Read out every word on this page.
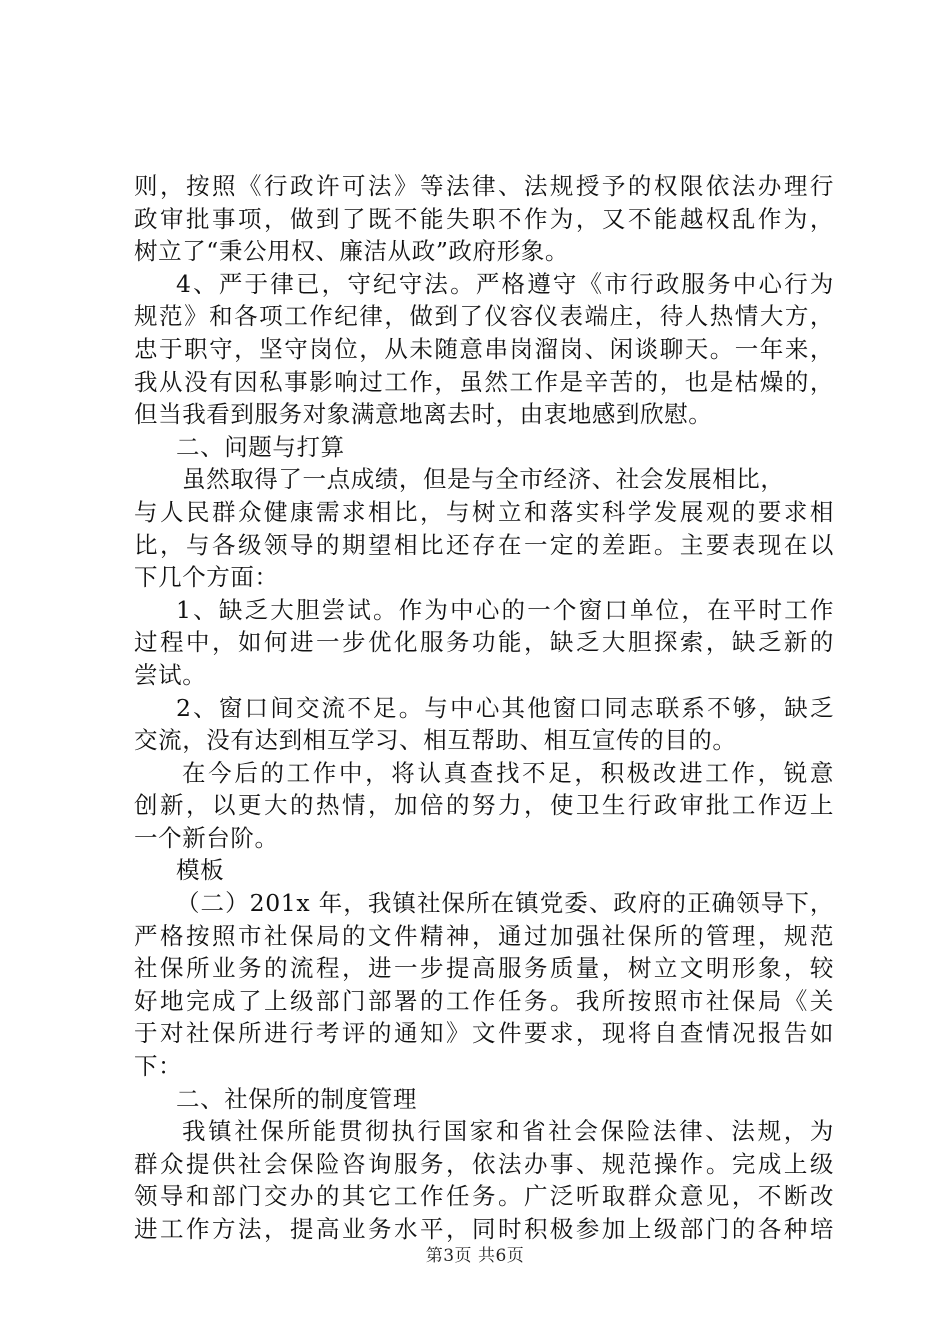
则，按照《行政许可法》等法律、法规授予的权限依法办理行
政审批事项，做到了既不能失职不作为，又不能越权乱作为，
树立了“秉公用权、廉洁从政”政府形象。
4、严于律已，守纪守法。严格遵守《市行政服务中心行为
规范》和各项工作纪律，做到了仪容仪表端庄，待人热情大方，
忠于职守，坚守岗位，从未随意串岗溜岗、闲谈聊天。一年来，
我从没有因私事影响过工作，虽然工作是辛苦的，也是枯燥的，
但当我看到服务对象满意地离去时，由衷地感到欣慰。
二、问题与打算
虽然取得了一点成绩，但是与全市经济、社会发展相比，
与人民群众健康需求相比，与树立和落实科学发展观的要求相
比，与各级领导的期望相比还存在一定的差距。主要表现在以
下几个方面：
1、缺乏大胆尝试。作为中心的一个窗口单位，在平时工作
过程中，如何进一步优化服务功能，缺乏大胆探索，缺乏新的
尝试。
2、窗口间交流不足。与中心其他窗口同志联系不够，缺乏
交流，没有达到相互学习、相互帮助、相互宣传的目的。
在今后的工作中，将认真查找不足，积极改进工作，锐意
创新，以更大的热情，加倍的努力，使卫生行政审批工作迈上
一个新台阶。
模板
（二）201x 年，我镇社保所在镇党委、政府的正确领导下，
严格按照市社保局的文件精神，通过加强社保所的管理，规范
社保所业务的流程，进一步提高服务质量，树立文明形象，较
好地完成了上级部门部署的工作任务。我所按照市社保局《关
于对社保所进行考评的通知》文件要求，现将自查情况报告如
下：
二、社保所的制度管理
我镇社保所能贯彻执行国家和省社会保险法律、法规，为
群众提供社会保险咨询服务，依法办事、规范操作。完成上级
领导和部门交办的其它工作任务。广泛听取群众意见，不断改
进工作方法，提高业务水平，同时积极参加上级部门的各种培
第3页 共6页
